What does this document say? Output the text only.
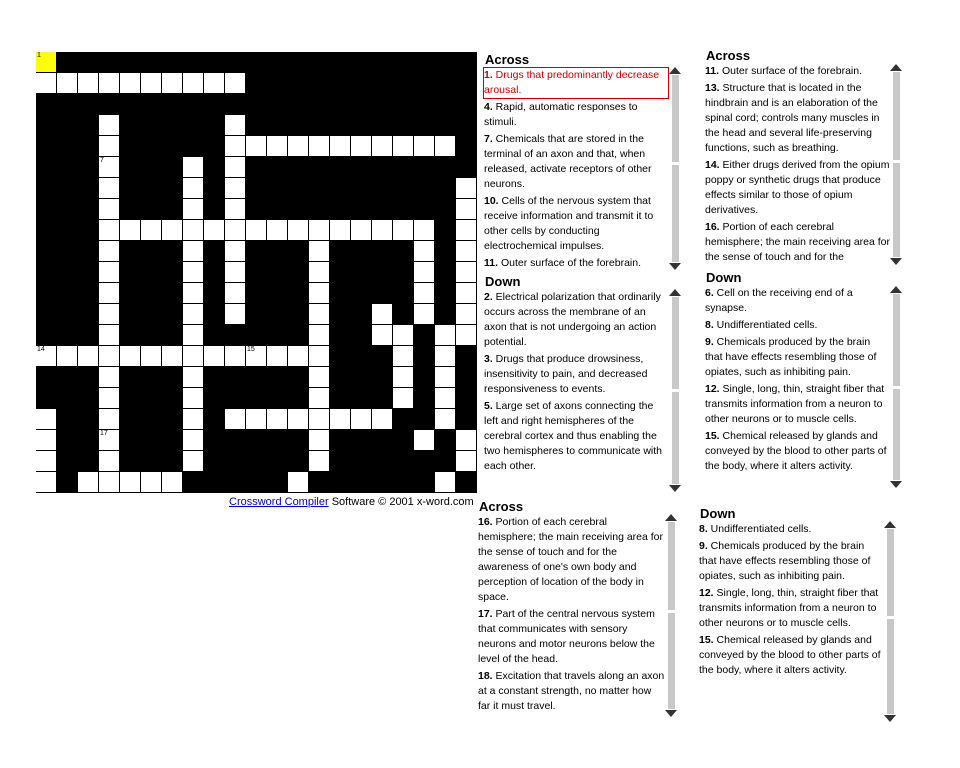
1	2	3
4
5	6
7	8	9
10
11
12	13
14	15
16
17
18
Crossword Compiler Software © 2001 x-word.com
Across

1. Drugs that predominantly decrease arousal.

4. Rapid, automatic responses to stimuli.

7. Chemicals that are stored in the terminal of an axon and that, when released, activate receptors of other neurons.

10. Cells of the nervous system that receive information and transmit it to other cells by conducting electrochemical impulses.

11. Outer surface of the forebrain.

Down

2. Electrical polarization that ordinarily occurs across the membrane of an axon that is not undergoing an action potential.

3. Drugs that produce drowsiness, insensitivity to pain, and decreased responsiveness to events.

5. Large set of axons connecting the left and right hemispheres of the cerebral cortex and thus enabling the two hemispheres to communicate with each other.

Across

11. Outer surface of the forebrain.

13. Structure that is located in the hindbrain and is an elaboration of the spinal cord; controls many muscles in the head and several life-preserving functions, such as breathing.

14. Either drugs derived from the opium poppy or synthetic drugs that produce effects similar to those of opium derivatives.

16. Portion of each cerebral hemisphere; the main receiving area for the sense of touch and for the

Down

6. Cell on the receiving end of a synapse.

8. Undifferentiated cells.

9. Chemicals produced by the brain that have effects resembling those of opiates, such as inhibiting pain.

12. Single, long, thin, straight fiber that transmits information from a neuron to other neurons or to muscle cells.

15. Chemical released by glands and conveyed by the blood to other parts of the body, where it alters activity.

Across

16. Portion of each cerebral hemisphere; the main receiving area for the sense of touch and for the awareness of one's own body and perception of location of the body in space.

17. Part of the central nervous system that communicates with sensory neurons and motor neurons below the level of the head.

18. Excitation that travels along an axon at a constant strength, no matter how far it must travel.

Down

8. Undifferentiated cells.

9. Chemicals produced by the brain that have effects resembling those of opiates, such as inhibiting pain.

12. Single, long, thin, straight fiber that transmits information from a neuron to other neurons or to muscle cells.

15. Chemical released by glands and conveyed by the blood to other parts of the body, where it alters activity.
